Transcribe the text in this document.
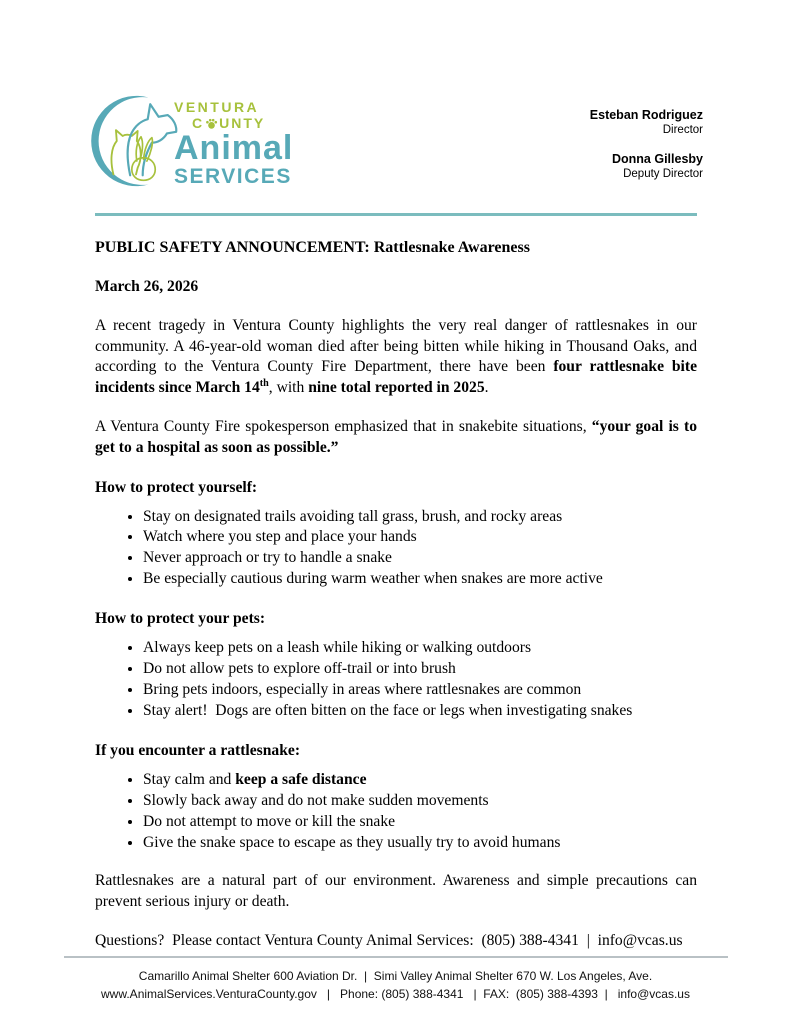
VENTURA
C UNTY
Animal
SERVICES
Esteban Rodriguez
Director
Donna Gillesby
Deputy Director
PUBLIC SAFETY ANNOUNCEMENT: Rattlesnake Awareness

March 26, 2026

A recent tragedy in Ventura County highlights the very real danger of rattlesnakes in our community. A 46-year-old woman died after being bitten while hiking in Thousand Oaks, and according to the Ventura County Fire Department, there have been four rattlesnake bite incidents since March 14th, with nine total reported in 2025.

A Ventura County Fire spokesperson emphasized that in snakebite situations, “your goal is to get to a hospital as soon as possible.”

How to protect yourself:
• Stay on designated trails avoiding tall grass, brush, and rocky areas
• Watch where you step and place your hands
• Never approach or try to handle a snake
• Be especially cautious during warm weather when snakes are more active
How to protect your pets:
• Always keep pets on a leash while hiking or walking outdoors
• Do not allow pets to explore off-trail or into brush
• Bring pets indoors, especially in areas where rattlesnakes are common
• Stay alert!  Dogs are often bitten on the face or legs when investigating snakes
If you encounter a rattlesnake:
• Stay calm and keep a safe distance
• Slowly back away and do not make sudden movements
• Do not attempt to move or kill the snake
• Give the snake space to escape as they usually try to avoid humans

Rattlesnakes are a natural part of our environment. Awareness and simple precautions can prevent serious injury or death.

Questions?  Please contact Ventura County Animal Services:  (805) 388-4341  |  info@vcas.us

Camarillo Animal Shelter 600 Aviation Dr.  |  Simi Valley Animal Shelter 670 W. Los Angeles, Ave.
www.AnimalServices.VenturaCounty.gov   |   Phone: (805) 388-4341   |  FAX:  (805) 388-4393  |   info@vcas.us
